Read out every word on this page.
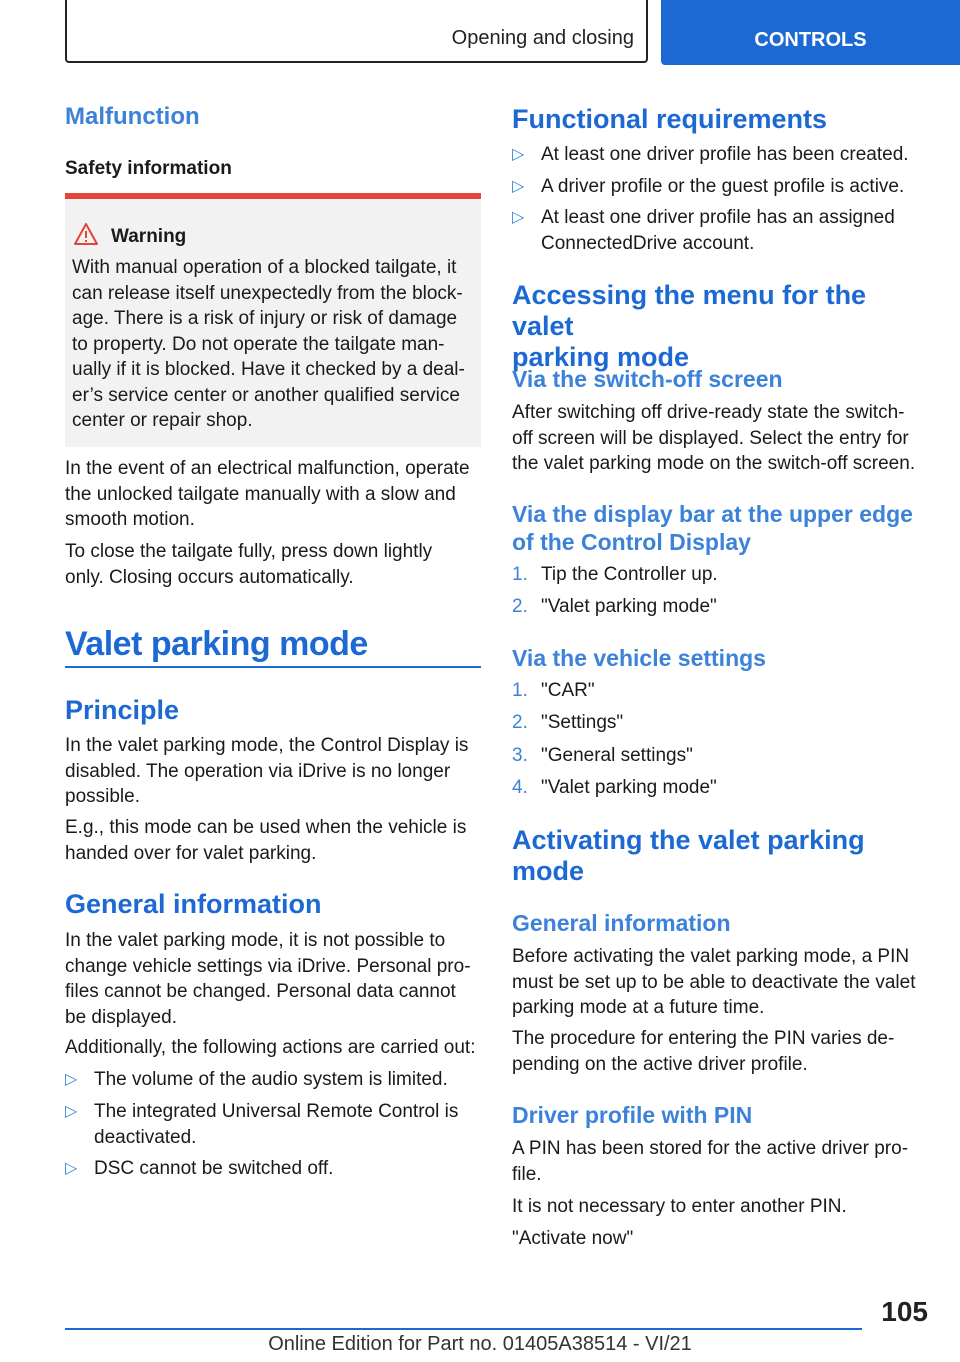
Opening and closing	CONTROLS
Malfunction
Safety information
Warning
With manual operation of a blocked tailgate, it
can release itself unexpectedly from the block‐
age. There is a risk of injury or risk of damage
to property. Do not operate the tailgate man‐
ually if it is blocked. Have it checked by a deal‐
er’s service center or another qualified service
center or repair shop.
In the event of an electrical malfunction, operate
the unlocked tailgate manually with a slow and
smooth motion.
To close the tailgate fully, press down lightly
only. Closing occurs automatically.
Valet parking mode
Principle
In the valet parking mode, the Control Display is
disabled. The operation via iDrive is no longer
possible.
E.g., this mode can be used when the vehicle is
handed over for valet parking.
General information
In the valet parking mode, it is not possible to
change vehicle settings via iDrive. Personal pro‐
files cannot be changed. Personal data cannot
be displayed.
Additionally, the following actions are carried out:
▷ The volume of the audio system is limited.
▷ The integrated Universal Remote Control is
deactivated.
▷ DSC cannot be switched off.
Functional requirements
▷ At least one driver profile has been created.
▷ A driver profile or the guest profile is active.
▷ At least one driver profile has an assigned
ConnectedDrive account.
Accessing the menu for the valet
parking mode
Via the switch-off screen
After switching off drive-ready state the switch-
off screen will be displayed. Select the entry for
the valet parking mode on the switch-off screen.
Via the display bar at the upper edge
of the Control Display
1. Tip the Controller up.
2. "Valet parking mode"
Via the vehicle settings
1. "CAR"
2. "Settings"
3. "General settings"
4. "Valet parking mode"
Activating the valet parking
mode
General information
Before activating the valet parking mode, a PIN
must be set up to be able to deactivate the valet
parking mode at a future time.
The procedure for entering the PIN varies de‐
pending on the active driver profile.
Driver profile with PIN
A PIN has been stored for the active driver pro‐
file.
It is not necessary to enter another PIN.
"Activate now"
105
Online Edition for Part no. 01405A38514 - VI/21
